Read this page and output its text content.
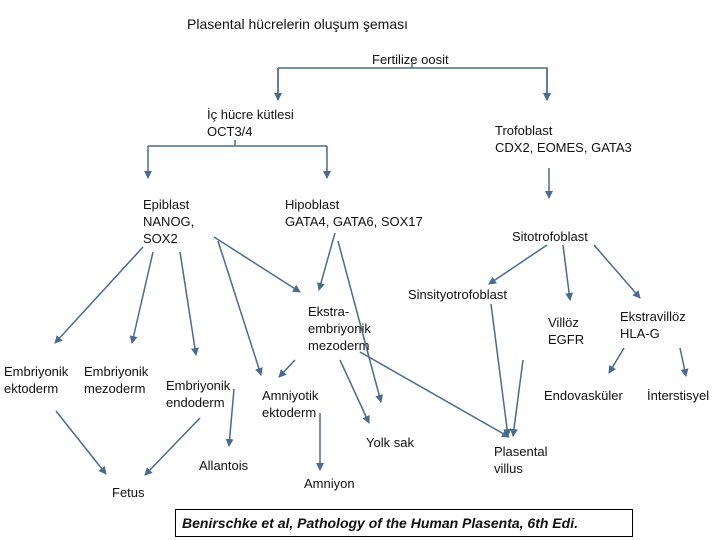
Plasental hücrelerin oluşum şeması
Fertilize oosit
İç hücre kütlesi
OCT3/4	Trofoblast
CDX2, EOMES, GATA3
Epiblast
NANOG,
SOX2
Hipoblast
GATA4, GATA6, SOX17
Sitotrofoblast
Sinsityotrofoblast
Ekstra-
embriyonik
mezoderm
Villöz
EGFR
Ekstravillöz
HLA-G
Embriyonik
ektoderm
Embriyonik
mezoderm Embriyonik
endoderm	Amniyotik
ektoderm
Endovasküler İnterstisyel
Yolk sak
Plasental
villus
Allantois
Fetus
Amniyon
Benirschke et al, Pathology of the Human Plasenta, 6th Edi.
